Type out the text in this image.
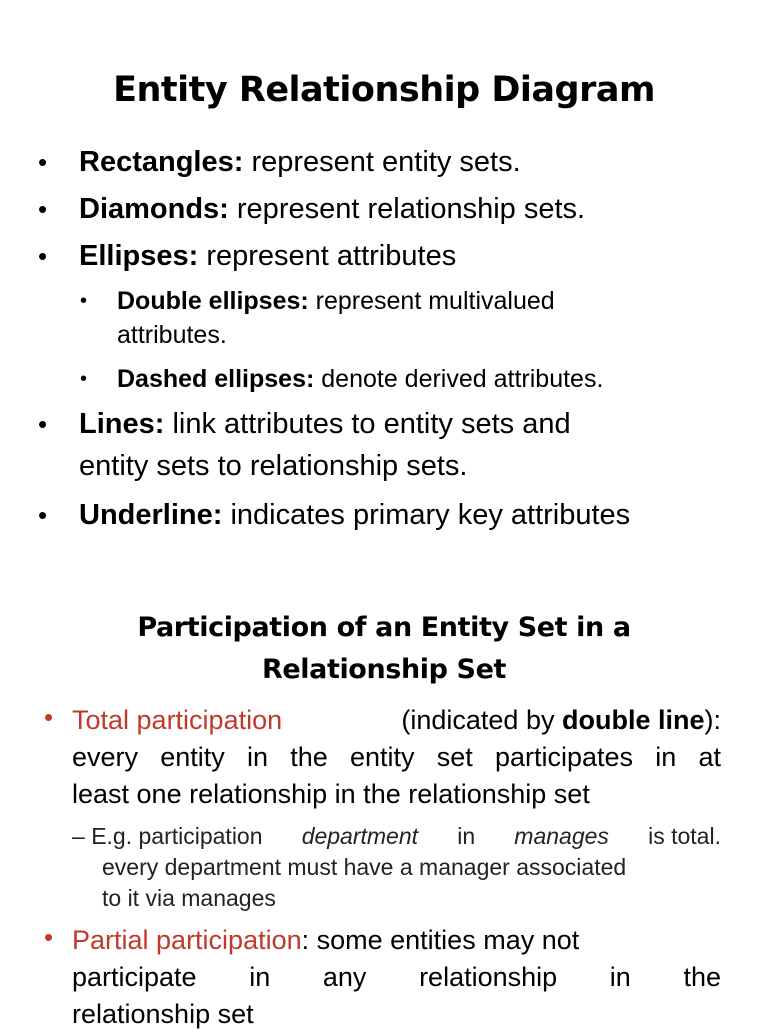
Entity Relationship Diagram
• Rectangles: represent entity sets.
• Diamonds: represent relationship sets.
• Ellipses: represent attributes
• Double ellipses: represent multivalued
attributes.
• Dashed ellipses: denote derived attributes.
• Lines: link attributes to entity sets and
entity sets to relationship sets.
• Underline: indicates primary key attributes
Participation of an Entity Set in a
Relationship Set
• Total participation	(indicated by double line):
every entity in the entity set participates in at
least one relationship in the relationship set
– E.g. participation department in manages is total.
every department must have a manager associated
to it via manages
• Partial participation: some entities may not
participate in any relationship in the
relationship set
